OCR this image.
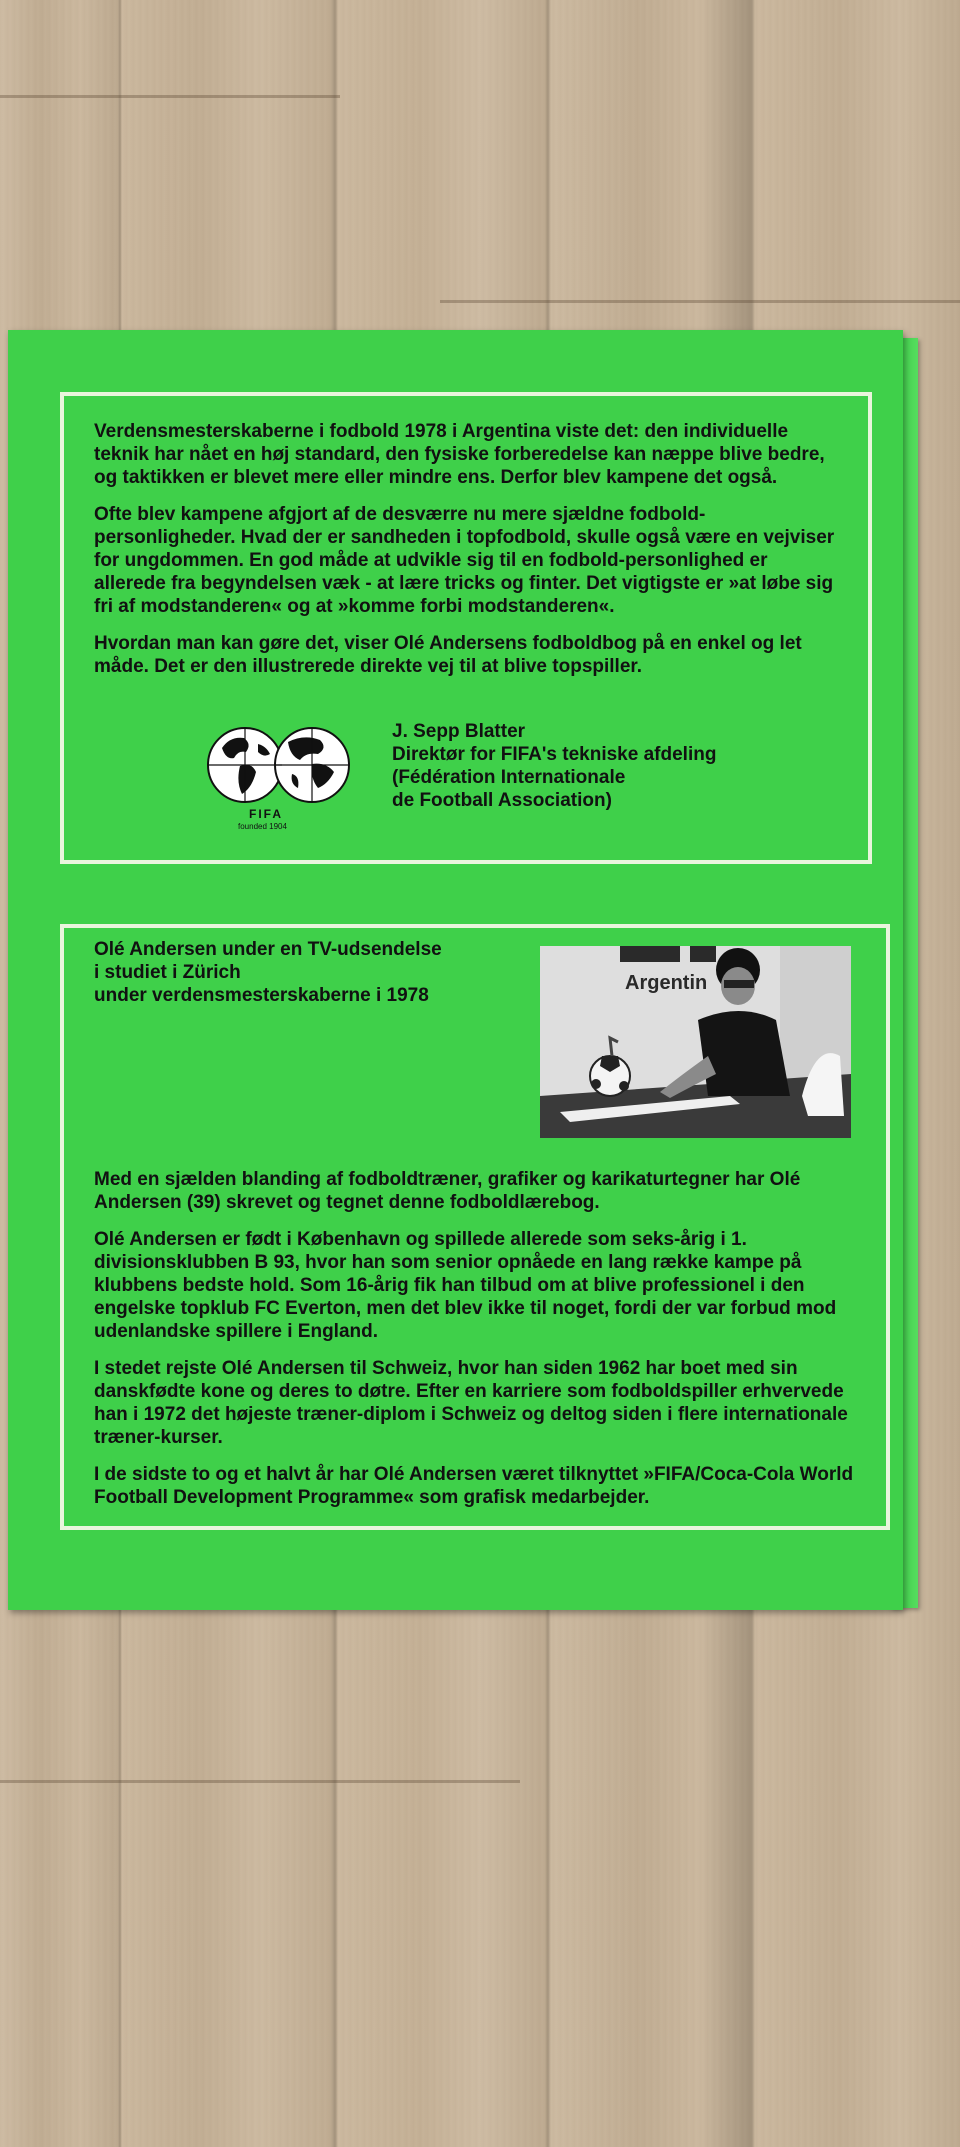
Verdensmesterskaberne i fodbold 1978 i Argentina viste det: den individuelle teknik har nået en høj standard, den fysiske forberedelse kan næppe blive bedre, og taktikken er blevet mere eller mindre ens. Derfor blev kampene det også.

Ofte blev kampene afgjort af de desværre nu mere sjældne fodbold-personligheder. Hvad der er sandheden i topfodbold, skulle også være en vejviser for ungdommen. En god måde at udvikle sig til en fodbold-personlighed er allerede fra begyndelsen væk - at lære tricks og finter. Det vigtigste er »at løbe sig fri af modstanderen« og at »komme forbi modstanderen«.

Hvordan man kan gøre det, viser Olé Andersens fodboldbog på en enkel og let måde. Det er den illustrerede direkte vej til at blive topspiller.

FIFA
founded 1904
J. Sepp Blatter
Direktør for FIFA's tekniske afdeling
(Fédération Internationale
de Football Association)
Olé Andersen under en TV-udsendelse
i studiet i Zürich
under verdensmesterskaberne i 1978
Argentin

Med en sjælden blanding af fodboldtræner, grafiker og karikaturtegner har Olé Andersen (39) skrevet og tegnet denne fodboldlærebog.

Olé Andersen er født i København og spillede allerede som seks-årig i 1. divisionsklubben B 93, hvor han som senior opnåede en lang række kampe på klubbens bedste hold. Som 16-årig fik han tilbud om at blive professionel i den engelske topklub FC Everton, men det blev ikke til noget, fordi der var forbud mod udenlandske spillere i England.

I stedet rejste Olé Andersen til Schweiz, hvor han siden 1962 har boet med sin danskfødte kone og deres to døtre. Efter en karriere som fodboldspiller erhvervede han i 1972 det højeste træner-diplom i Schweiz og deltog siden i flere internationale træner-kurser.

I de sidste to og et halvt år har Olé Andersen været tilknyttet »FIFA/Coca-Cola World Football Development Programme« som grafisk medarbejder.
